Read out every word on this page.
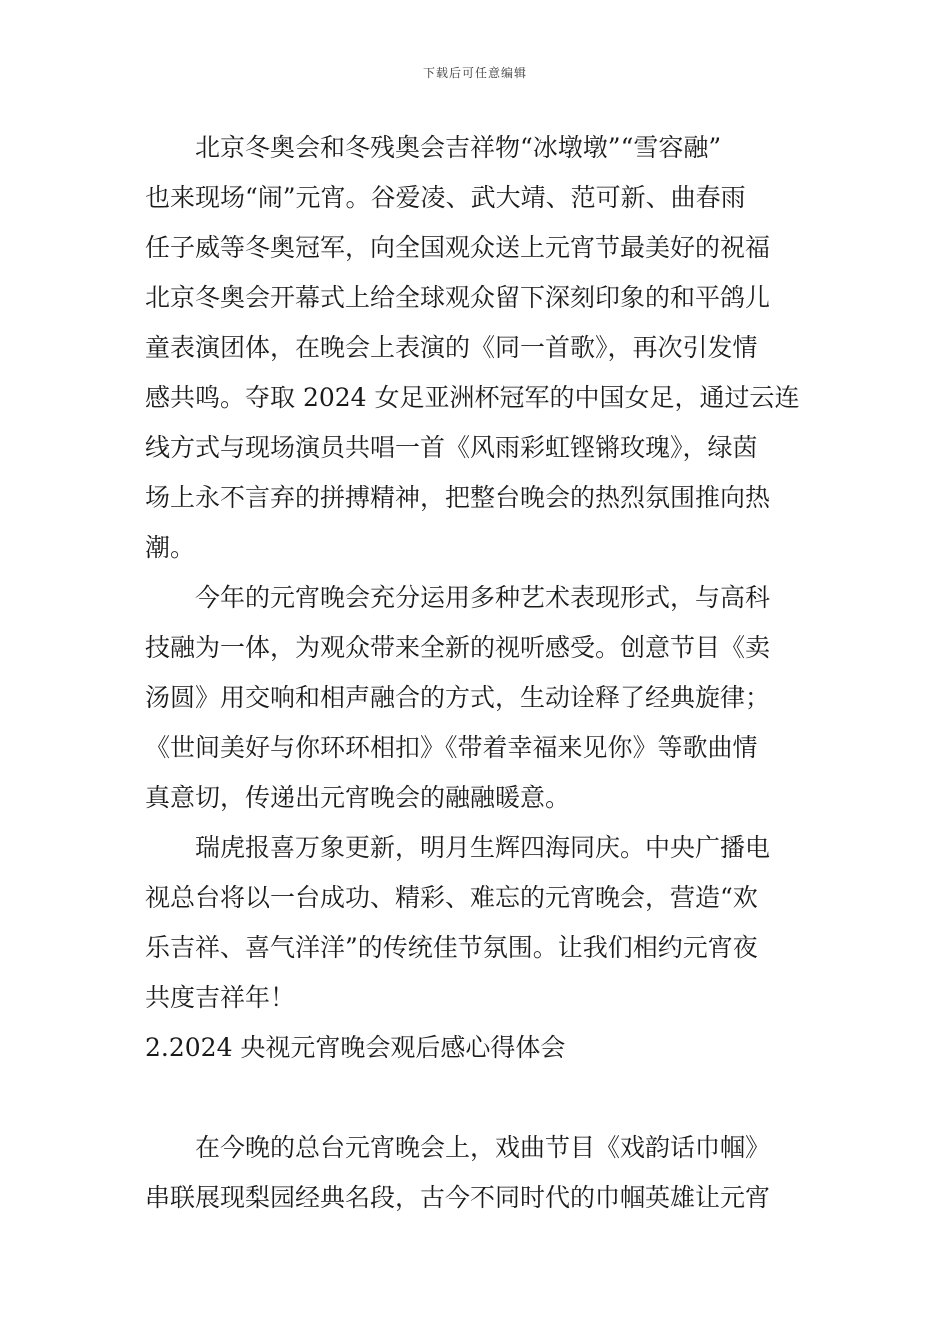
下载后可任意编辑
北京冬奥会和冬残奥会吉祥物“冰墩墩”“雪容融”
也来现场“闹”元宵。谷爱凌、武大靖、范可新、曲春雨
任子威等冬奥冠军，向全国观众送上元宵节最美好的祝福
北京冬奥会开幕式上给全球观众留下深刻印象的和平鸽儿
童表演团体，在晚会上表演的《同一首歌》，再次引发情
感共鸣。夺取 2024 女足亚洲杯冠军的中国女足，通过云连
线方式与现场演员共唱一首《风雨彩虹铿锵玫瑰》，绿茵
场上永不言弃的拼搏精神，把整台晚会的热烈氛围推向热
潮。
今年的元宵晚会充分运用多种艺术表现形式，与高科
技融为一体，为观众带来全新的视听感受。创意节目《卖
汤圆》用交响和相声融合的方式，生动诠释了经典旋律；
《世间美好与你环环相扣》《带着幸福来见你》等歌曲情
真意切，传递出元宵晚会的融融暖意。
瑞虎报喜万象更新，明月生辉四海同庆。中央广播电
视总台将以一台成功、精彩、难忘的元宵晚会，营造“欢
乐吉祥、喜气洋洋”的传统佳节氛围。让我们相约元宵夜
共度吉祥年！
2.2024 央视元宵晚会观后感心得体会
在今晚的总台元宵晚会上，戏曲节目《戏韵话巾帼》
串联展现梨园经典名段，古今不同时代的巾帼英雄让元宵
